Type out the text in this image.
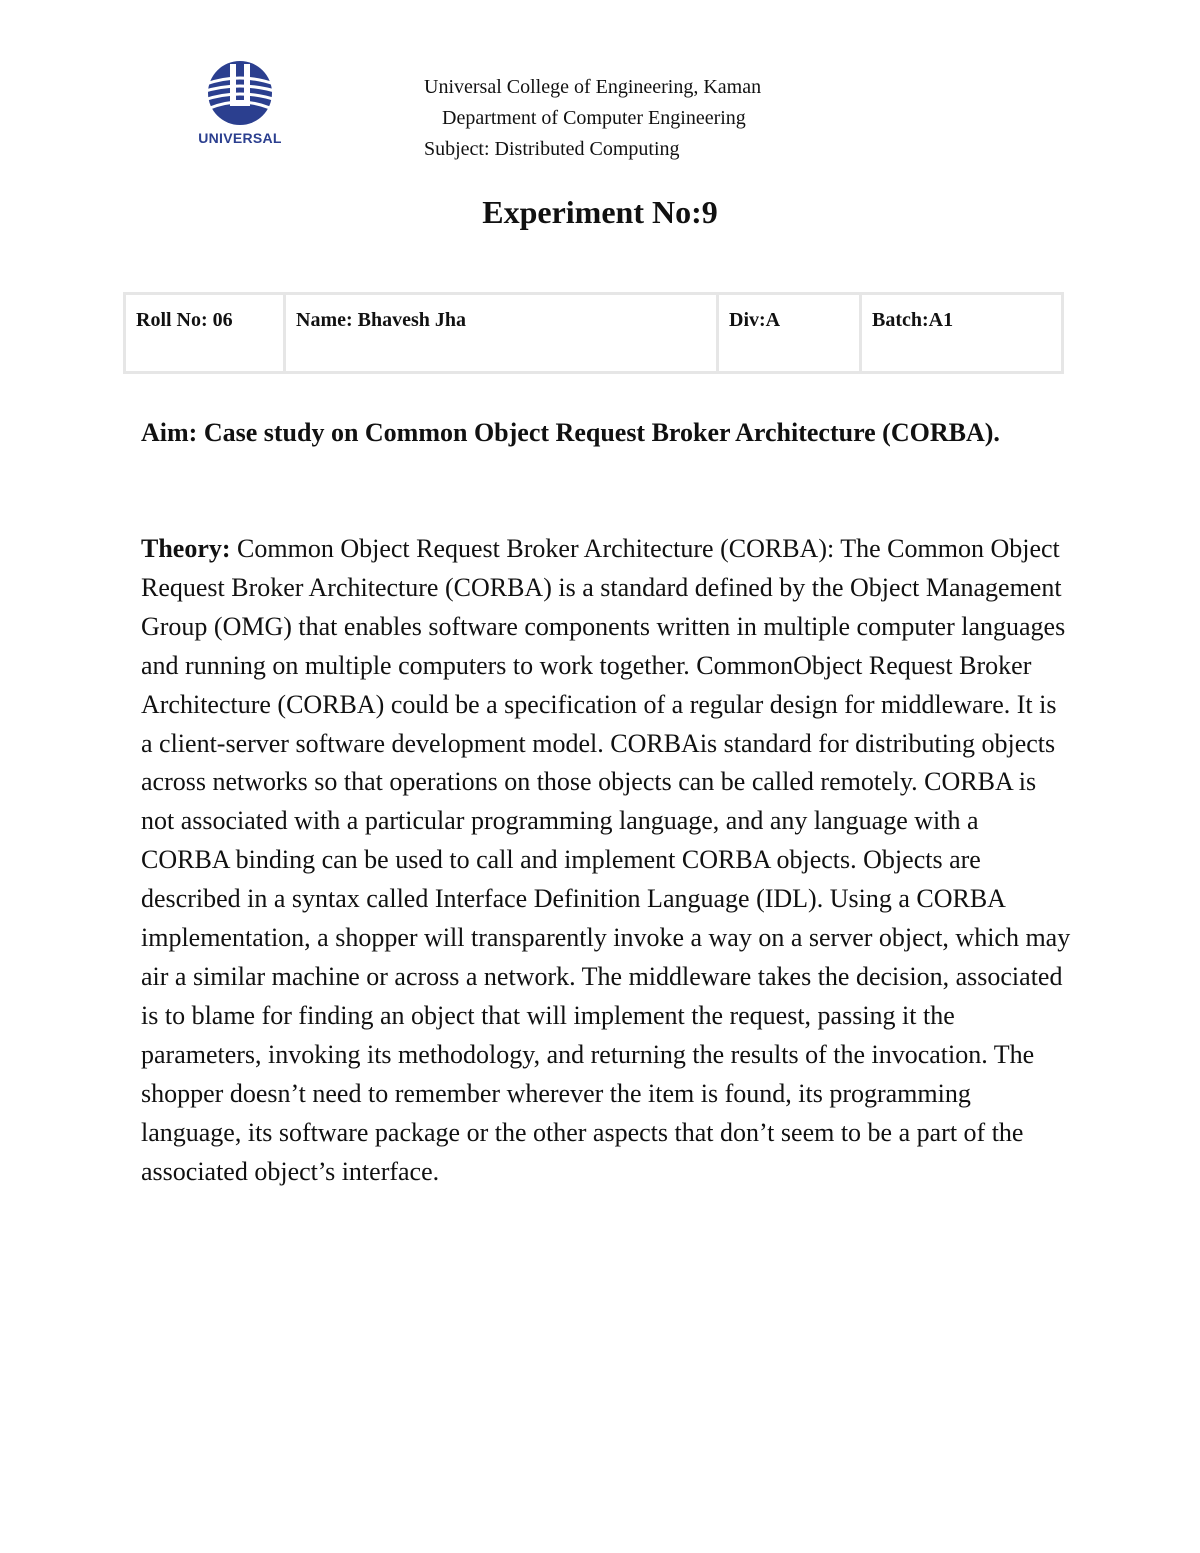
UNIVERSAL
Universal College of Engineering, Kaman
Department of Computer Engineering
Subject: Distributed Computing
Experiment No:9
Roll No: 06	Name: Bhavesh Jha	Div:A	Batch:A1
Aim: Case study on Common Object Request Broker Architecture (CORBA).
Theory: Common Object Request Broker Architecture (CORBA): The Common Object Request Broker Architecture (CORBA) is a standard defined by the Object Management Group (OMG) that enables software components written in multiple computer languages and running on multiple computers to work together. CommonObject Request Broker Architecture (CORBA) could be a specification of a regular design for middleware. It is a client-server software development model. CORBAis standard for distributing objects across networks so that operations on those objects can be called remotely. CORBA is not associated with a particular programming language, and any language with a CORBA binding can be used to call and implement CORBA objects. Objects are described in a syntax called Interface Definition Language (IDL). Using a CORBA implementation, a shopper will transparently invoke a way on a server object, which may air a similar machine or across a network. The middleware takes the decision, associated is to blame for finding an object that will implement the request, passing it the parameters, invoking its methodology, and returning the results of the invocation. The shopper doesn’t need to remember wherever the item is found, its programming language, its software package or the other aspects that don’t seem to be a part of the associated object’s interface.
